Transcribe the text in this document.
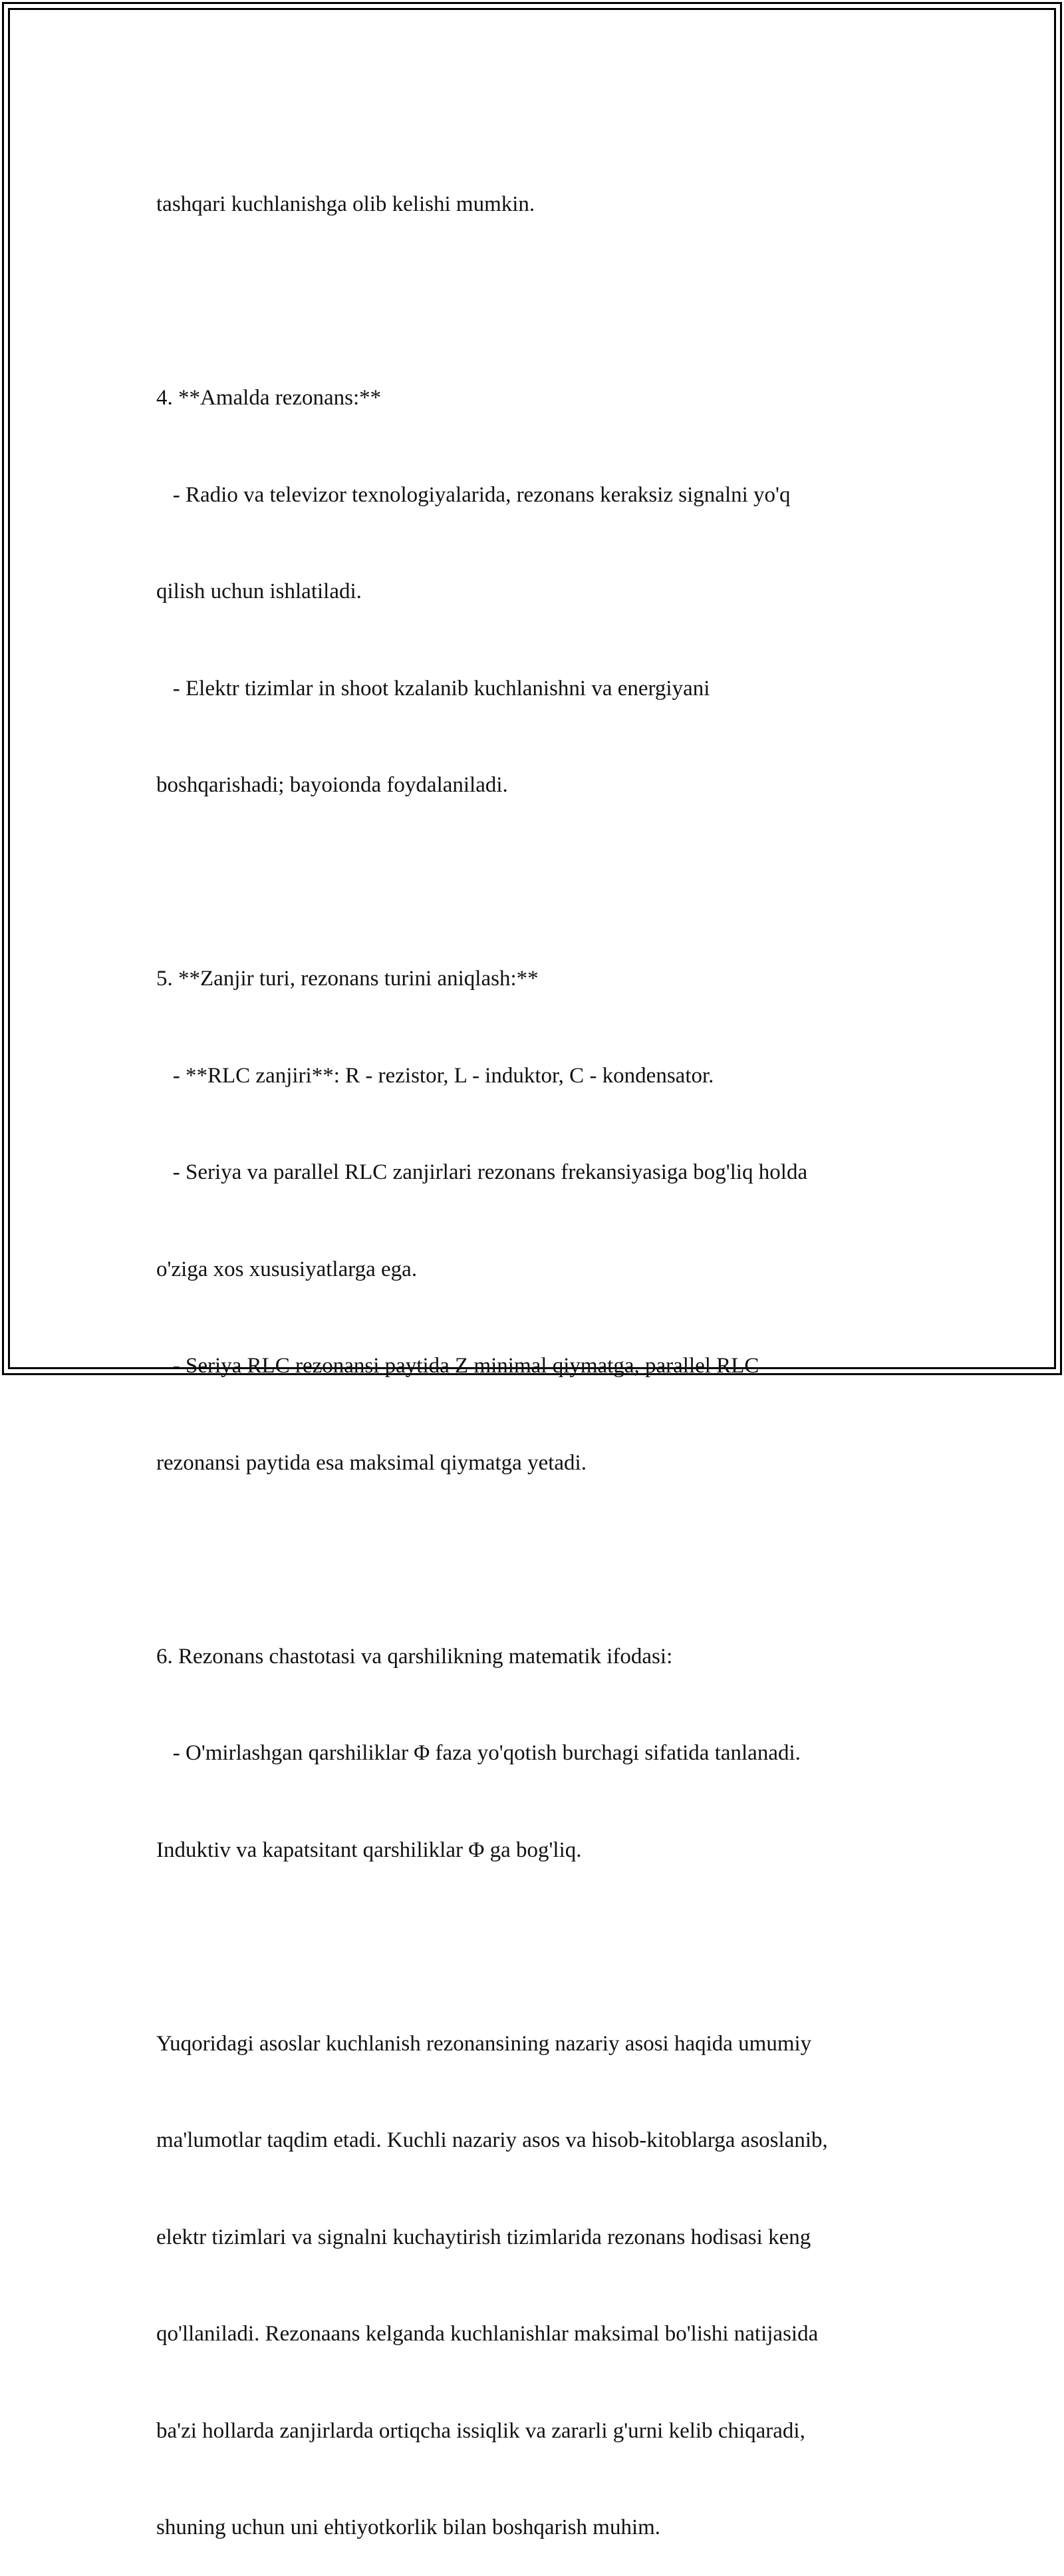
tashqari kuchlanishga olib kelishi mumkin.

4. **Amalda rezonans:**

- Radio va televizor texnologiyalarida, rezonans keraksiz signalni yo'q

qilish uchun ishlatiladi.

- Elektr tizimlar in shoot kzalanib kuchlanishni va energiyani

boshqarishadi; bayoionda foydalaniladi.

5. **Zanjir turi, rezonans turini aniqlash:**

- **RLC zanjiri**: R - rezistor, L - induktor, C - kondensator.

- Seriya va parallel RLC zanjirlari rezonans frekansiyasiga bog'liq holda

o'ziga xos xususiyatlarga ega.

- Seriya RLC rezonansi paytida Z minimal qiymatga, parallel RLC

rezonansi paytida esa maksimal qiymatga yetadi.

6. Rezonans chastotasi va qarshilikning matematik ifodasi:

- O'mirlashgan qarshiliklar Φ faza yo'qotish burchagi sifatida tanlanadi.

Induktiv va kapatsitant qarshiliklar Φ ga bog'liq.

Yuqoridagi asoslar kuchlanish rezonansining nazariy asosi haqida umumiy

ma'lumotlar taqdim etadi. Kuchli nazariy asos va hisob-kitoblarga asoslanib,

elektr tizimlari va signalni kuchaytirish tizimlarida rezonans hodisasi keng

qo'llaniladi. Rezonaans kelganda kuchlanishlar maksimal bo'lishi natijasida

ba'zi hollarda zanjirlarda ortiqcha issiqlik va zararli g'urni kelib chiqaradi,

shuning uchun uni ehtiyotkorlik bilan boshqarish muhim.
